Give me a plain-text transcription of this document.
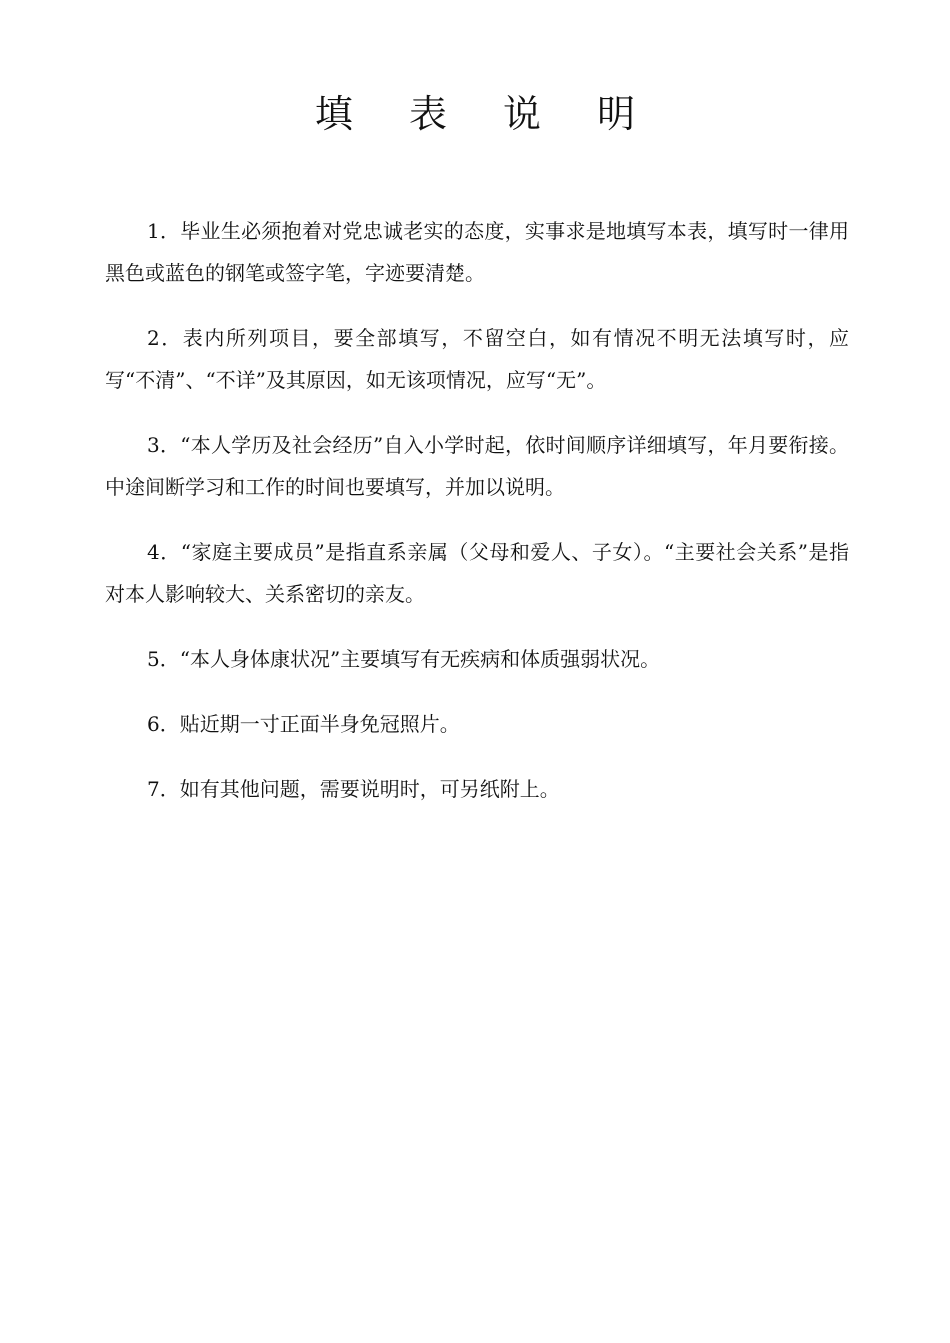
填 表 说 明

1．毕业生必须抱着对党忠诚老实的态度，实事求是地填写本表，填写时一律用黑色或蓝色的钢笔或签字笔，字迹要清楚。

2．表内所列项目，要全部填写，不留空白，如有情况不明无法填写时，应写“不清”、“不详”及其原因，如无该项情况，应写“无”。

3．“本人学历及社会经历”自入小学时起，依时间顺序详细填写，年月要衔接。中途间断学习和工作的时间也要填写，并加以说明。

4．“家庭主要成员”是指直系亲属（父母和爱人、子女）。“主要社会关系”是指对本人影响较大、关系密切的亲友。

5．“本人身体康状况”主要填写有无疾病和体质强弱状况。

6．贴近期一寸正面半身免冠照片。

7．如有其他问题，需要说明时，可另纸附上。
